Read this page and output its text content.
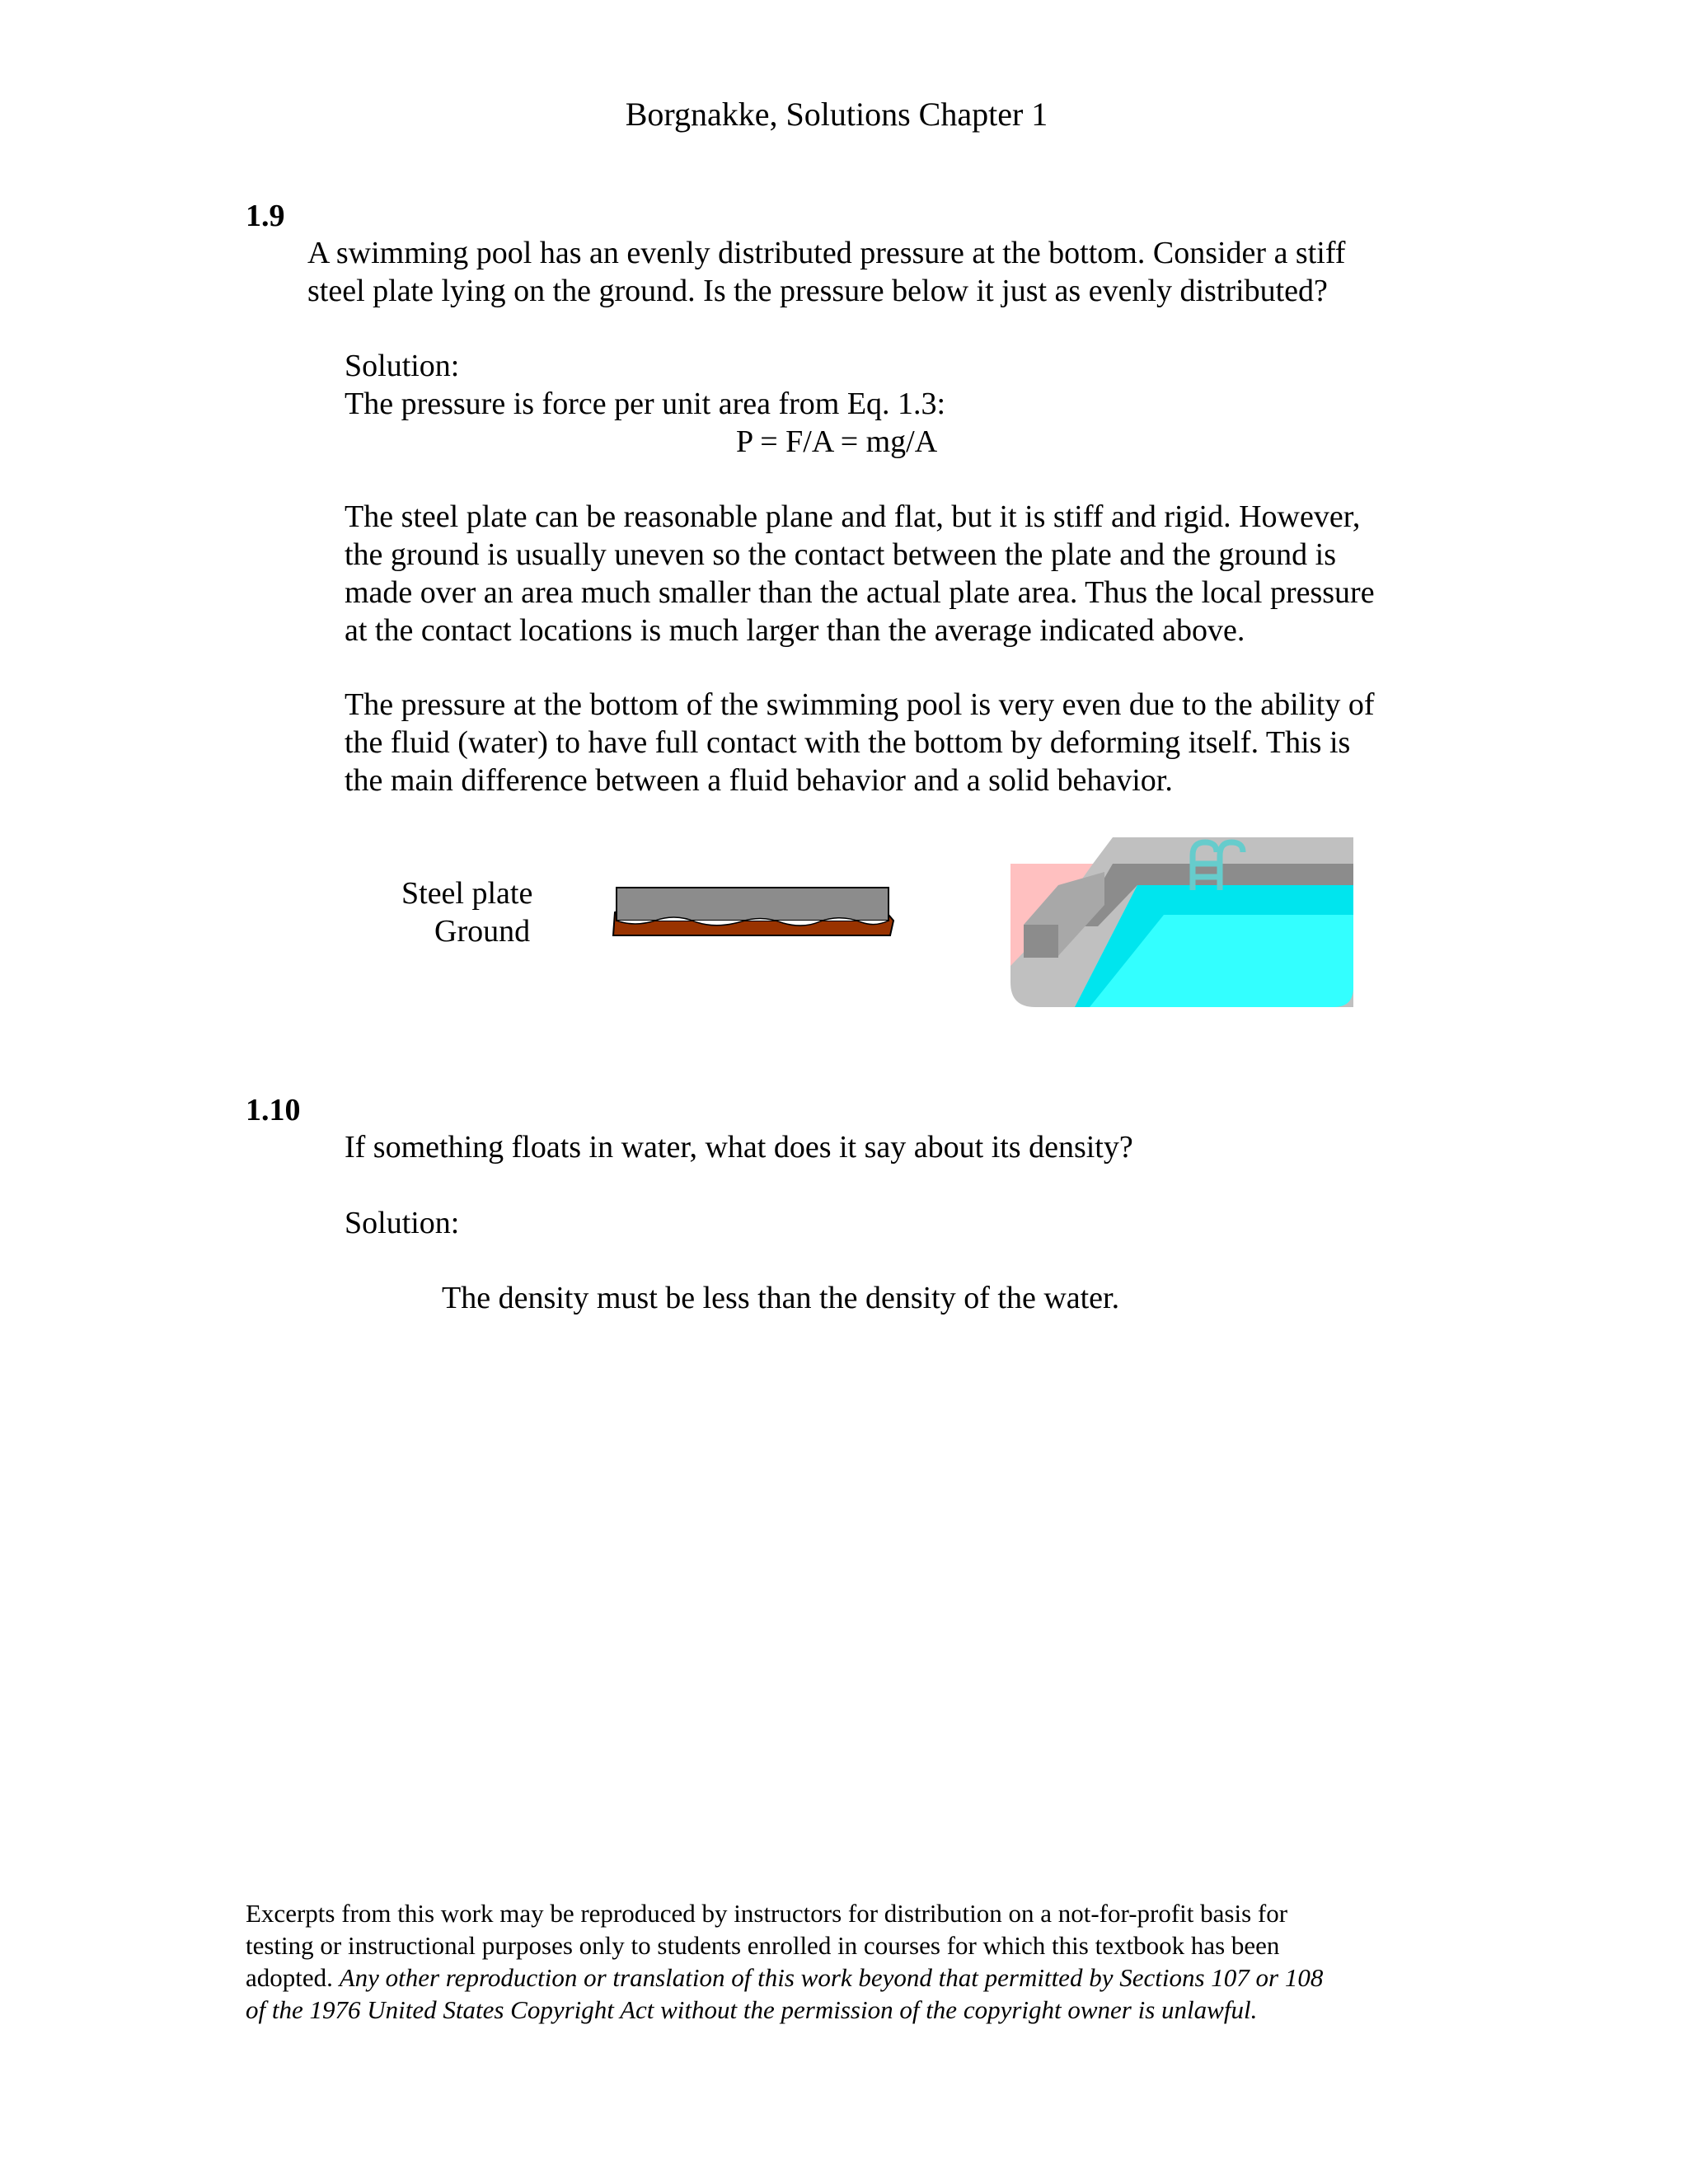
Borgnakke, Solutions Chapter 1
1.9
A swimming pool has an evenly distributed pressure at the bottom. Consider a stiff
steel plate lying on the ground. Is the pressure below it just as evenly distributed?
Solution:
The pressure is force per unit area from Eq. 1.3:
P = F/A = mg/A
The steel plate can be reasonable plane and flat, but it is stiff and rigid. However,
the ground is usually uneven so the contact between the plate and the ground is
made over an area much smaller than the actual plate area. Thus the local pressure
at the contact locations is much larger than the average indicated above.
The pressure at the bottom of the swimming pool is very even due to the ability of
the fluid (water) to have full contact with the bottom by deforming itself. This is
the main difference between a fluid behavior and a solid behavior.
Steel plate
Ground
1.10
If something floats in water, what does it say about its density?
Solution:
The density must be less than the density of the water.
Excerpts from this work may be reproduced by instructors for distribution on a not-for-profit basis for
testing or instructional purposes only to students enrolled in courses for which this textbook has been
adopted. Any other reproduction or translation of this work beyond that permitted by Sections 107 or 108
of the 1976 United States Copyright Act without the permission of the copyright owner is unlawful.
